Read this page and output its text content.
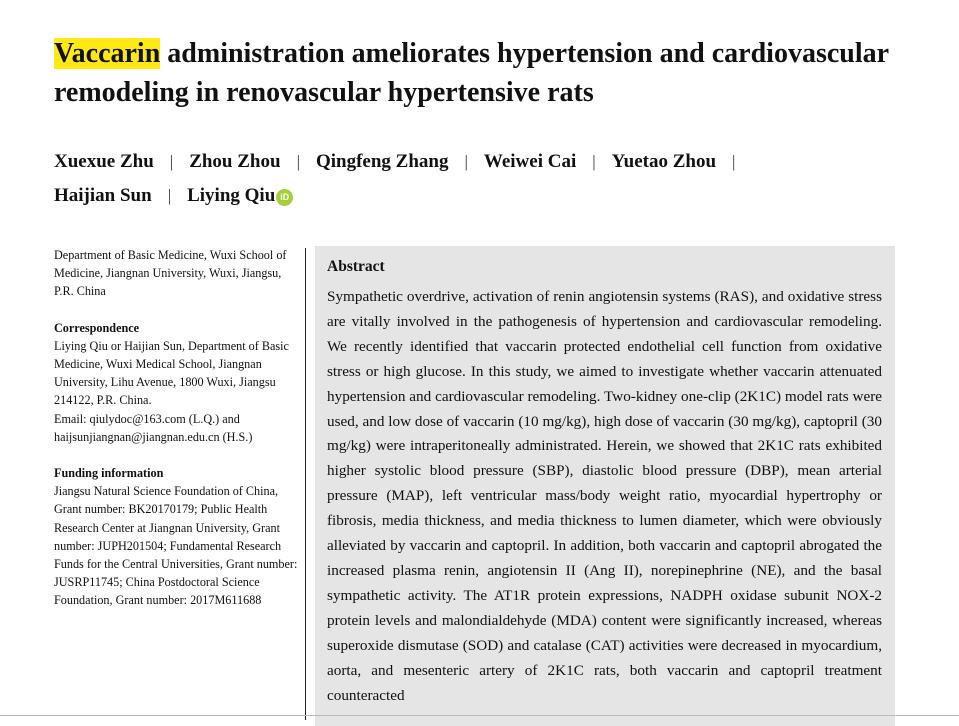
Vaccarin administration ameliorates hypertension and cardiovascular remodeling in renovascular hypertensive rats
Xuexue Zhu | Zhou Zhou | Qingfeng Zhang | Weiwei Cai | Yuetao Zhou |
Haijian Sun | Liying Qiu iD

Department of Basic Medicine, Wuxi School of Medicine, Jiangnan University, Wuxi, Jiangsu, P.R. China

Correspondence

Liying Qiu or Haijian Sun, Department of Basic Medicine, Wuxi Medical School, Jiangnan University, Lihu Avenue, 1800 Wuxi, Jiangsu 214122, P.R. China.

Email: qiulydoc@163.com (L.Q.) and haijsunjiangnan@jiangnan.edu.cn (H.S.)

Funding information

Jiangsu Natural Science Foundation of China, Grant number: BK20170179; Public Health Research Center at Jiangnan University, Grant number: JUPH201504; Fundamental Research Funds for the Central Universities, Grant number: JUSRP11745; China Postdoctoral Science Foundation, Grant number: 2017M611688

Abstract

Sympathetic overdrive, activation of renin angiotensin systems (RAS), and oxidative stress are vitally involved in the pathogenesis of hypertension and cardiovascular remodeling. We recently identified that vaccarin protected endothelial cell function from oxidative stress or high glucose. In this study, we aimed to investigate whether vaccarin attenuated hypertension and cardiovascular remodeling. Two-kidney one-clip (2K1C) model rats were used, and low dose of vaccarin (10 mg/kg), high dose of vaccarin (30 mg/kg), captopril (30 mg/kg) were intraperitoneally administrated. Herein, we showed that 2K1C rats exhibited higher systolic blood pressure (SBP), diastolic blood pressure (DBP), mean arterial pressure (MAP), left ventricular mass/body weight ratio, myocardial hypertrophy or fibrosis, media thickness, and media thickness to lumen diameter, which were obviously alleviated by vaccarin and captopril. In addition, both vaccarin and captopril abrogated the increased plasma renin, angiotensin II (Ang II), norepinephrine (NE), and the basal sympathetic activity. The AT1R protein expressions, NADPH oxidase subunit NOX-2 protein levels and malondialdehyde (MDA) content were significantly increased, whereas superoxide dismutase (SOD) and catalase (CAT) activities were decreased in myocardium, aorta, and mesenteric artery of 2K1C rats, both vaccarin and captopril treatment counteracted
